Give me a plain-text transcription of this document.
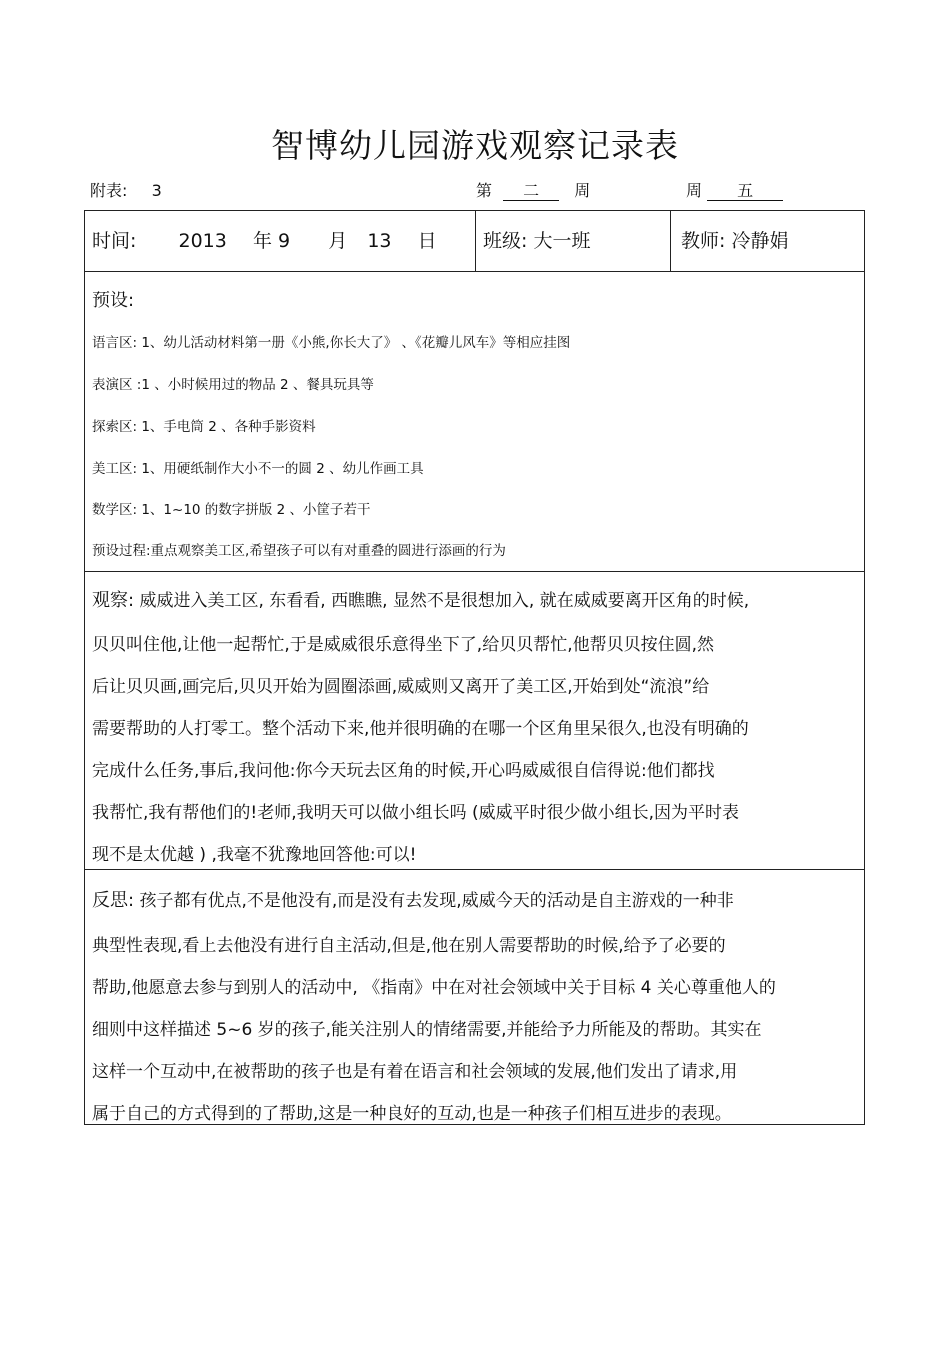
智博幼儿园游戏观察记录表
附表: 3	第 二 周	周 五
时间: 2013 年 9 月 13 日 班级: 大一班	教师: 冷静娟
预设:
语言区: 1、幼儿活动材料第一册《小熊,你长大了》 、《花瓣儿风车》等相应挂图
表演区 :1 、小时候用过的物品 2 、餐具玩具等
探索区: 1、手电筒 2 、各种手影资料
美工区: 1、用硬纸制作大小不一的圆 2 、幼儿作画工具
数学区: 1、1~10 的数字拼版 2 、小筐子若干
预设过程:重点观察美工区,希望孩子可以有对重叠的圆进行添画的行为
观察: 威威进入美工区, 东看看, 西瞧瞧, 显然不是很想加入, 就在威威要离开区角的时候,
贝贝叫住他,让他一起帮忙,于是威威很乐意得坐下了,给贝贝帮忙,他帮贝贝按住圆,然
后让贝贝画,画完后,贝贝开始为圆圈添画,威威则又离开了美工区,开始到处“流浪”给
需要帮助的人打零工。整个活动下来,他并很明确的在哪一个区角里呆很久,也没有明确的
完成什么任务,事后,我问他:你今天玩去区角的时候,开心吗威威很自信得说:他们都找
我帮忙,我有帮他们的!老师,我明天可以做小组长吗 (威威平时很少做小组长,因为平时表
现不是太优越 ) ,我毫不犹豫地回答他:可以!
反思: 孩子都有优点,不是他没有,而是没有去发现,威威今天的活动是自主游戏的一种非
典型性表现,看上去他没有进行自主活动,但是,他在别人需要帮助的时候,给予了必要的
帮助,他愿意去参与到别人的活动中, 《指南》中在对社会领域中关于目标 4 关心尊重他人的
细则中这样描述 5~6 岁的孩子,能关注别人的情绪需要,并能给予力所能及的帮助。其实在
这样一个互动中,在被帮助的孩子也是有着在语言和社会领域的发展,他们发出了请求,用
属于自己的方式得到的了帮助,这是一种良好的互动,也是一种孩子们相互进步的表现。
